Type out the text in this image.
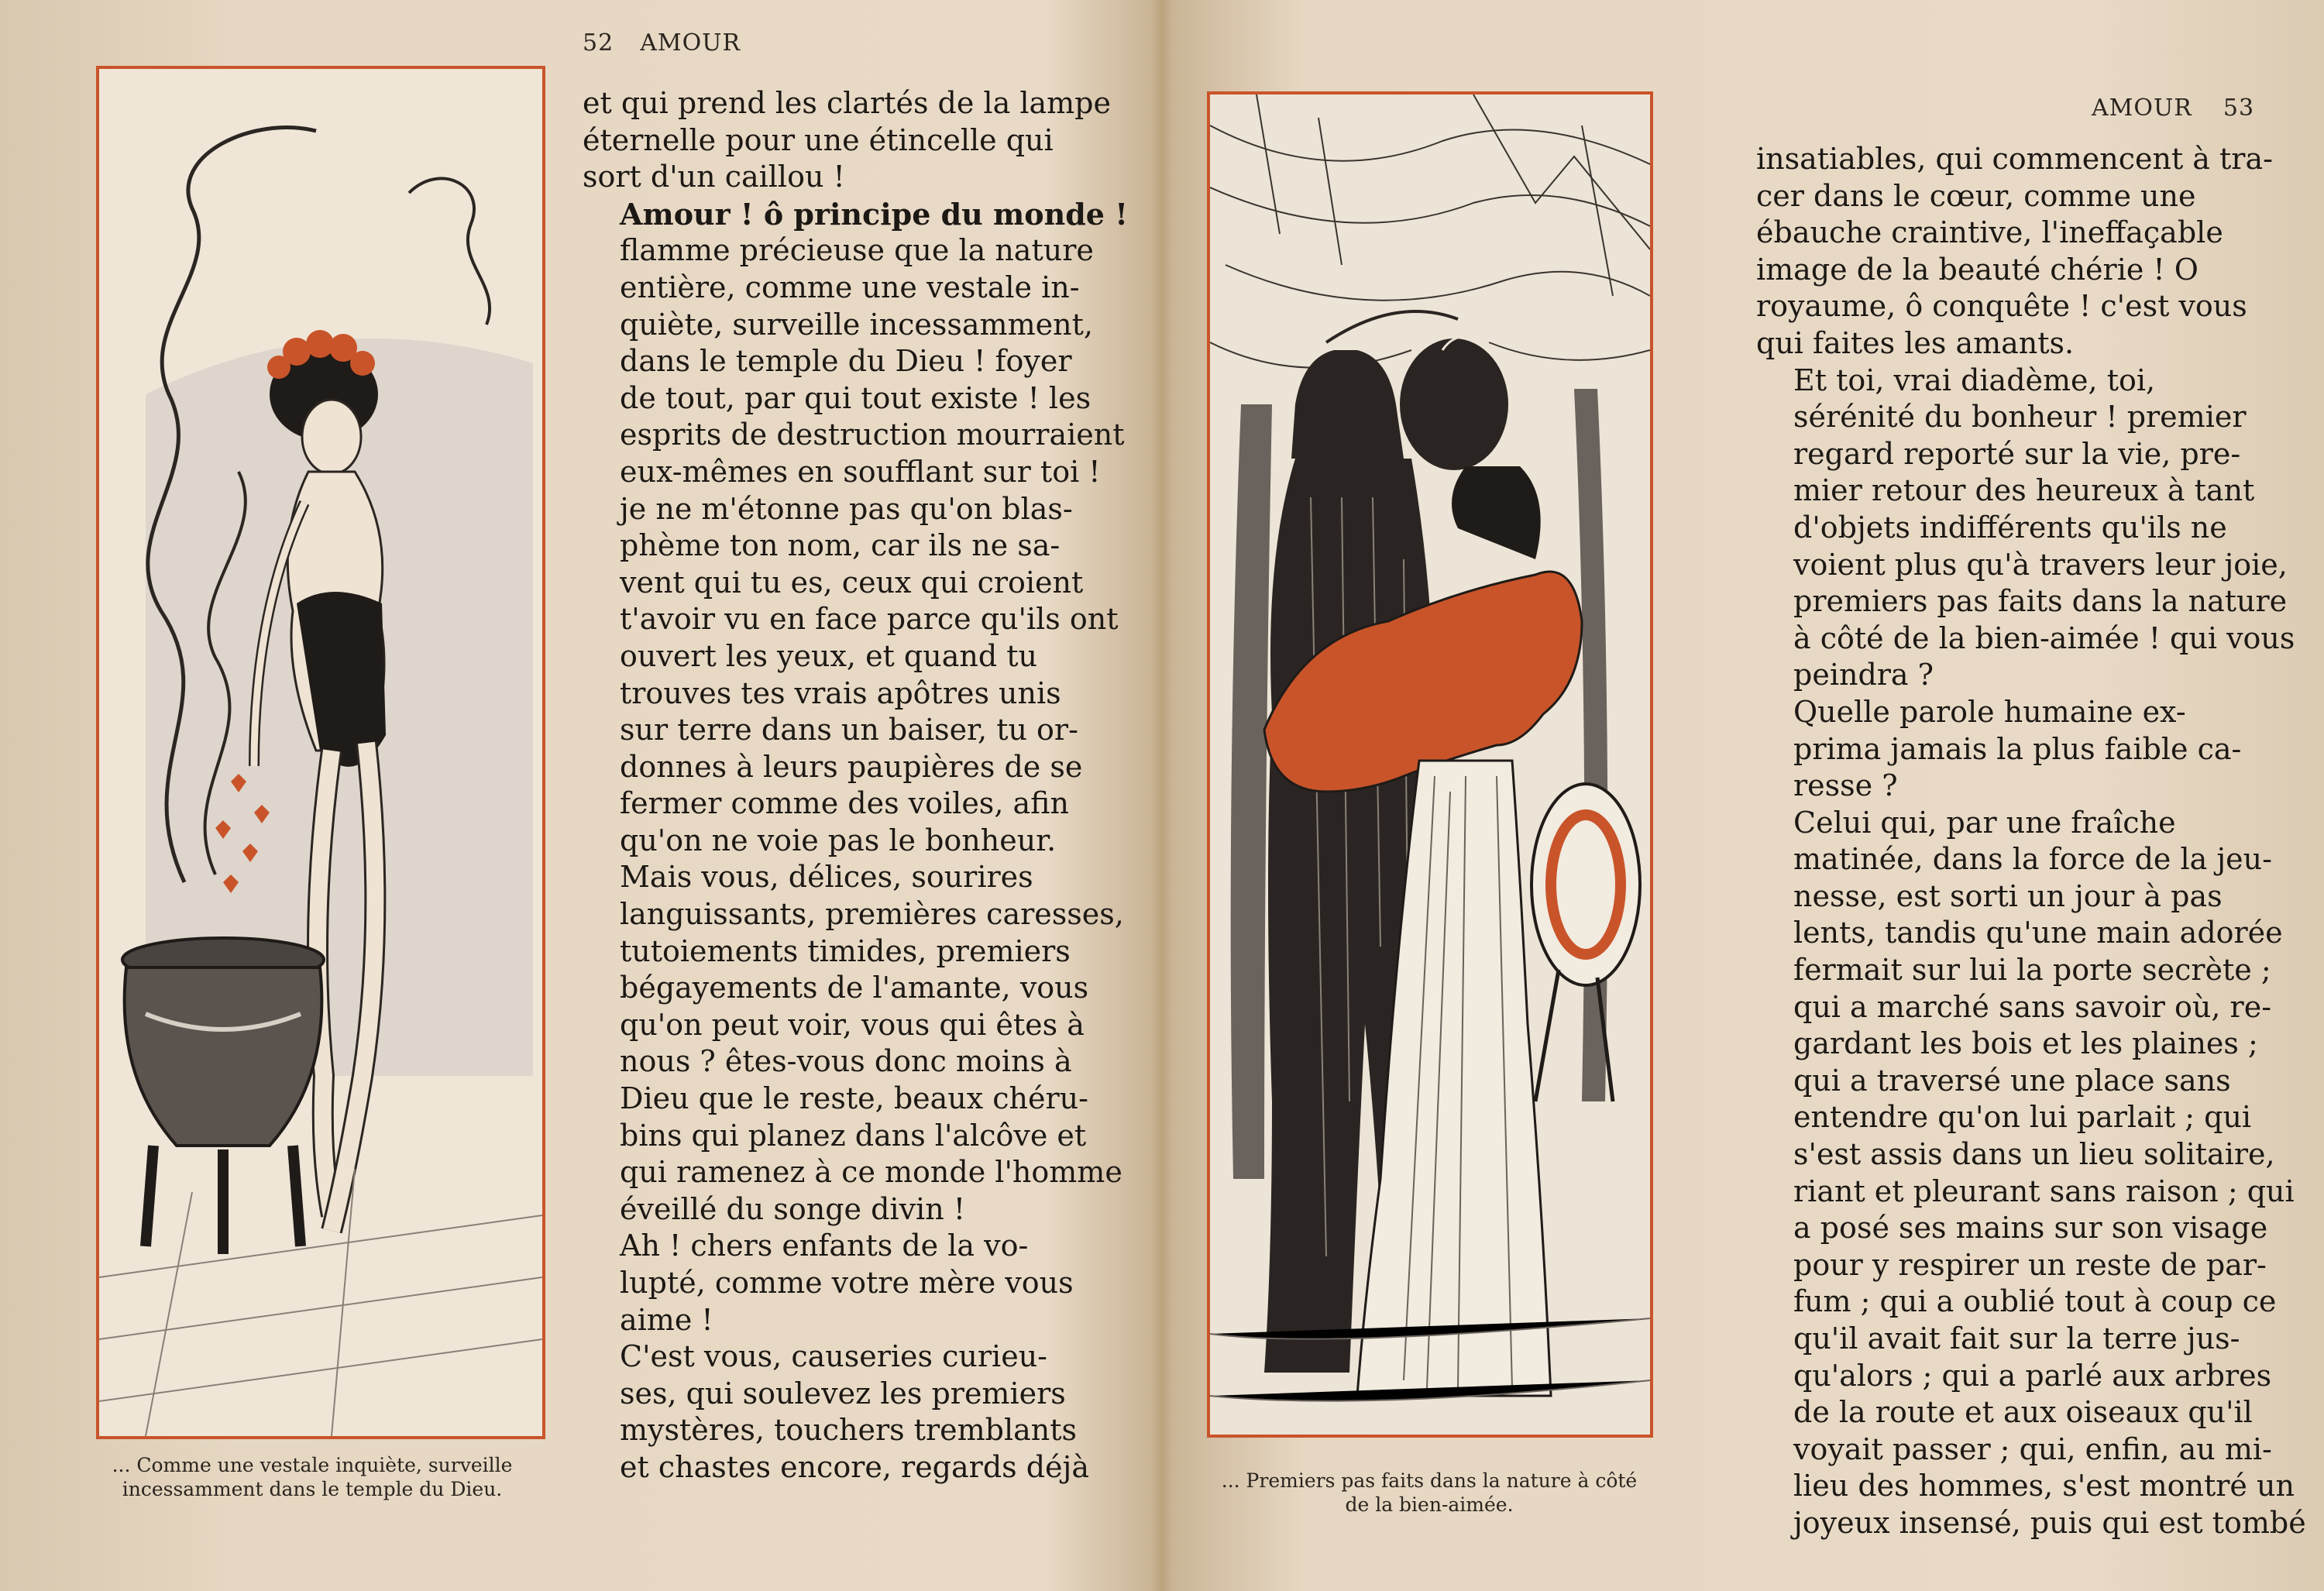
52 AMOUR
... Comme une vestale inquiète, surveille
incessamment dans le temple du Dieu.

et qui prend les clartés de la lampe
éternelle pour une étincelle qui
sort d'un caillou !

Amour ! ô principe du monde !
flamme précieuse que la nature
entière, comme une vestale in-
quiète, surveille incessamment,
dans le temple du Dieu ! foyer
de tout, par qui tout existe ! les
esprits de destruction mourraient
eux-mêmes en soufflant sur toi !
je ne m'étonne pas qu'on blas-
phème ton nom, car ils ne sa-
vent qui tu es, ceux qui croient
t'avoir vu en face parce qu'ils ont
ouvert les yeux, et quand tu
trouves tes vrais apôtres unis
sur terre dans un baiser, tu or-
donnes à leurs paupières de se
fermer comme des voiles, afin
qu'on ne voie pas le bonheur.

Mais vous, délices, sourires
languissants, premières caresses,
tutoiements timides, premiers
bégayements de l'amante, vous
qu'on peut voir, vous qui êtes à
nous ? êtes-vous donc moins à
Dieu que le reste, beaux chéru-
bins qui planez dans l'alcôve et
qui ramenez à ce monde l'homme
éveillé du songe divin !

Ah ! chers enfants de la vo-
lupté, comme votre mère vous
aime !

C'est vous, causeries curieu-
ses, qui soulevez les premiers
mystères, touchers tremblants
et chastes encore, regards déjà

AMOUR 53
... Premiers pas faits dans la nature à côté
de la bien-aimée.

insatiables, qui commencent à tra-
cer dans le cœur, comme une
ébauche craintive, l'ineffaçable
image de la beauté chérie ! O
royaume, ô conquête ! c'est vous
qui faites les amants.

Et toi, vrai diadème, toi,
sérénité du bonheur ! premier
regard reporté sur la vie, pre-
mier retour des heureux à tant
d'objets indifférents qu'ils ne
voient plus qu'à travers leur joie,
premiers pas faits dans la nature
à côté de la bien-aimée ! qui vous
peindra ?

Quelle parole humaine ex-
prima jamais la plus faible ca-
resse ?

Celui qui, par une fraîche
matinée, dans la force de la jeu-
nesse, est sorti un jour à pas
lents, tandis qu'une main adorée
fermait sur lui la porte secrète ;
qui a marché sans savoir où, re-
gardant les bois et les plaines ;
qui a traversé une place sans
entendre qu'on lui parlait ; qui
s'est assis dans un lieu solitaire,
riant et pleurant sans raison ; qui
a posé ses mains sur son visage
pour y respirer un reste de par-
fum ; qui a oublié tout à coup ce
qu'il avait fait sur la terre jus-
qu'alors ; qui a parlé aux arbres
de la route et aux oiseaux qu'il
voyait passer ; qui, enfin, au mi-
lieu des hommes, s'est montré un
joyeux insensé, puis qui est tombé
